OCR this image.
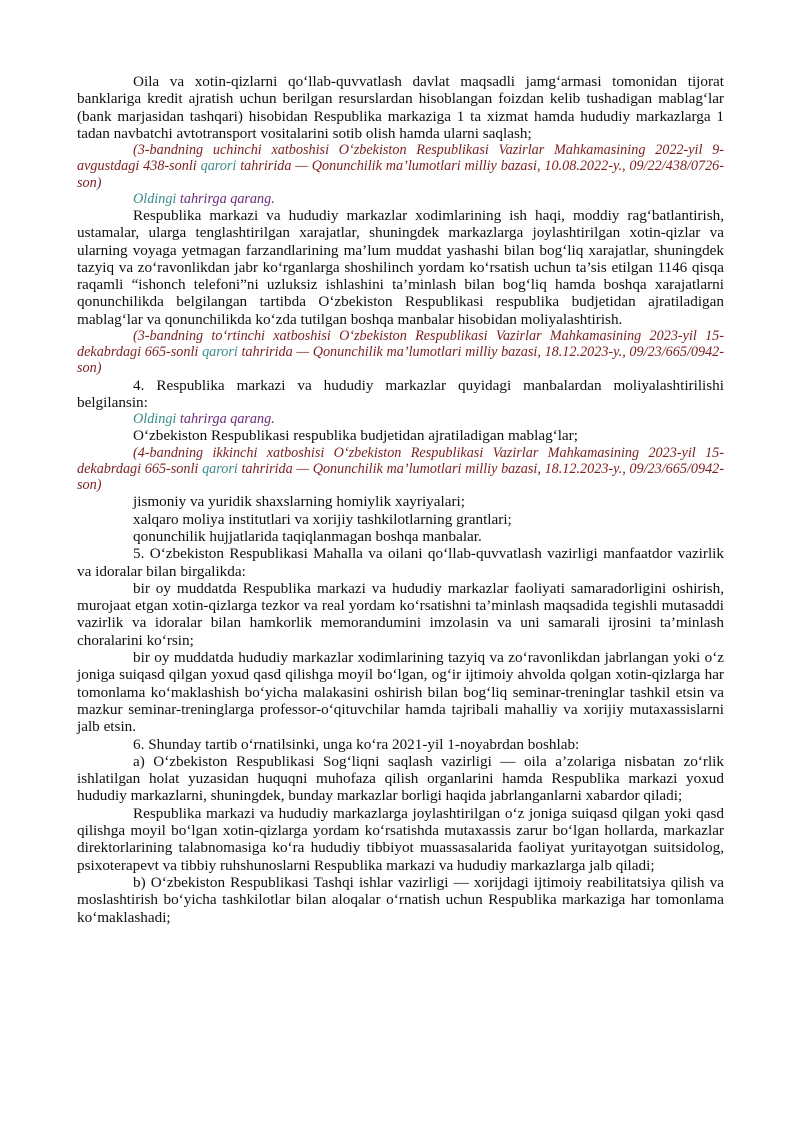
Oila va xotin-qizlarni qo‘llab-quvvatlash davlat maqsadli jamg‘armasi tomonidan tijorat banklariga kredit ajratish uchun berilgan resurslardan hisoblangan foizdan kelib tushadigan mablag‘lar (bank marjasidan tashqari) hisobidan Respublika markaziga 1 ta xizmat hamda hududiy markazlarga 1 tadan navbatchi avtotransport vositalarini sotib olish hamda ularni saqlash;

(3-bandning uchinchi xatboshisi O‘zbekiston Respublikasi Vazirlar Mahkamasining 2022-yil 9-avgustdagi 438-sonli qarori tahririda — Qonunchilik ma’lumotlari milliy bazasi, 10.08.2022-y., 09/22/438/0726-son)

Oldingi tahrirga qarang.

Respublika markazi va hududiy markazlar xodimlarining ish haqi, moddiy rag‘batlantirish, ustamalar, ularga tenglashtirilgan xarajatlar, shuningdek markazlarga joylashtirilgan xotin-qizlar va ularning voyaga yetmagan farzandlarining ma’lum muddat yashashi bilan bog‘liq xarajatlar, shuningdek tazyiq va zo‘ravonlikdan jabr ko‘rganlarga shoshilinch yordam ko‘rsatish uchun ta’sis etilgan 1146 qisqa raqamli “ishonch telefoni”ni uzluksiz ishlashini ta’minlash bilan bog‘liq hamda boshqa xarajatlarni qonunchilikda belgilangan tartibda O‘zbekiston Respublikasi respublika budjetidan ajratiladigan mablag‘lar va qonunchilikda ko‘zda tutilgan boshqa manbalar hisobidan moliyalashtirish.

(3-bandning to‘rtinchi xatboshisi O‘zbekiston Respublikasi Vazirlar Mahkamasining 2023-yil 15-dekabrdagi 665-sonli qarori tahririda — Qonunchilik ma’lumotlari milliy bazasi, 18.12.2023-y., 09/23/665/0942-son)

4. Respublika markazi va hududiy markazlar quyidagi manbalardan moliyalashtirilishi belgilansin:

Oldingi tahrirga qarang.

O‘zbekiston Respublikasi respublika budjetidan ajratiladigan mablag‘lar;

(4-bandning ikkinchi xatboshisi O‘zbekiston Respublikasi Vazirlar Mahkamasining 2023-yil 15-dekabrdagi 665-sonli qarori tahririda — Qonunchilik ma’lumotlari milliy bazasi, 18.12.2023-y., 09/23/665/0942-son)

jismoniy va yuridik shaxslarning homiylik xayriyalari;

xalqaro moliya institutlari va xorijiy tashkilotlarning grantlari;

qonunchilik hujjatlarida taqiqlanmagan boshqa manbalar.

5. O‘zbekiston Respublikasi Mahalla va oilani qo‘llab-quvvatlash vazirligi manfaatdor vazirlik va idoralar bilan birgalikda:

bir oy muddatda Respublika markazi va hududiy markazlar faoliyati samaradorligini oshirish, murojaat etgan xotin-qizlarga tezkor va real yordam ko‘rsatishni ta’minlash maqsadida tegishli mutasaddi vazirlik va idoralar bilan hamkorlik memorandumini imzolasin va uni samarali ijrosini ta’minlash choralarini ko‘rsin;

bir oy muddatda hududiy markazlar xodimlarining tazyiq va zo‘ravonlikdan jabrlangan yoki o‘z joniga suiqasd qilgan yoxud qasd qilishga moyil bo‘lgan, og‘ir ijtimoiy ahvolda qolgan xotin-qizlarga har tomonlama ko‘maklashish bo‘yicha malakasini oshirish bilan bog‘liq seminar-treninglar tashkil etsin va mazkur seminar-treninglarga professor-o‘qituvchilar hamda tajribali mahalliy va xorijiy mutaxassislarni jalb etsin.

6. Shunday tartib o‘rnatilsinki, unga ko‘ra 2021-yil 1-noyabrdan boshlab:

a) O‘zbekiston Respublikasi Sog‘liqni saqlash vazirligi — oila a’zolariga nisbatan zo‘rlik ishlatilgan holat yuzasidan huquqni muhofaza qilish organlarini hamda Respublika markazi yoxud hududiy markazlarni, shuningdek, bunday markazlar borligi haqida jabrlanganlarni xabardor qiladi;

Respublika markazi va hududiy markazlarga joylashtirilgan o‘z joniga suiqasd qilgan yoki qasd qilishga moyil bo‘lgan xotin-qizlarga yordam ko‘rsatishda mutaxassis zarur bo‘lgan hollarda, markazlar direktorlarining talabnomasiga ko‘ra hududiy tibbiyot muassasalarida faoliyat yuritayotgan suitsidolog, psixoterapevt va tibbiy ruhshunoslarni Respublika markazi va hududiy markazlarga jalb qiladi;

b) O‘zbekiston Respublikasi Tashqi ishlar vazirligi — xorijdagi ijtimoiy reabilitatsiya qilish va moslashtirish bo‘yicha tashkilotlar bilan aloqalar o‘rnatish uchun Respublika markaziga har tomonlama ko‘maklashadi;
